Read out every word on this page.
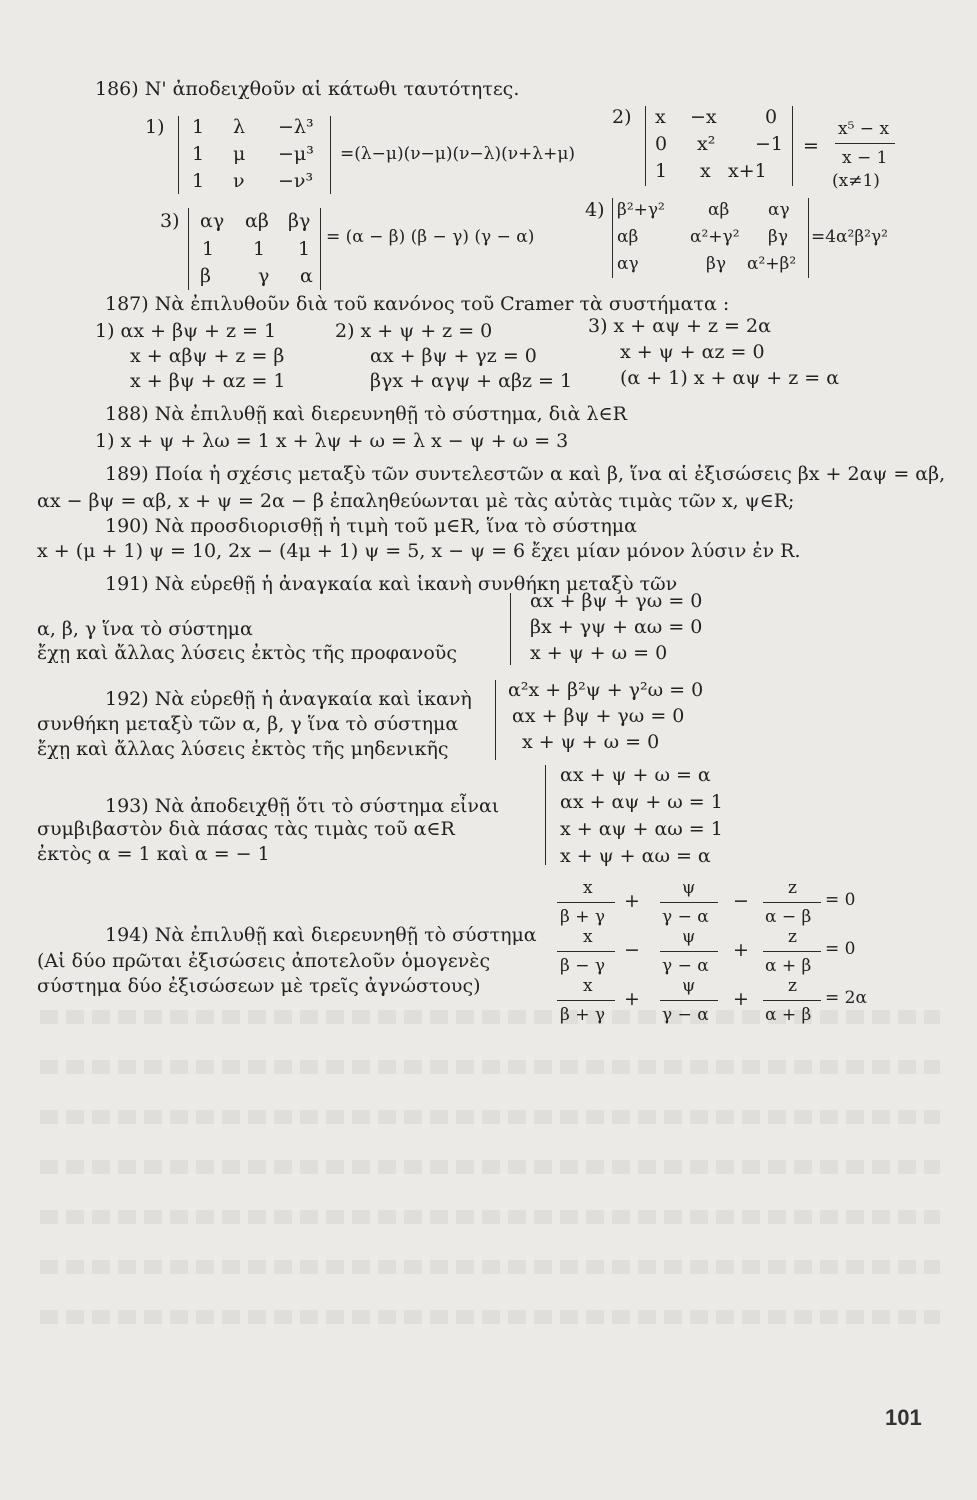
186) Ν' ἀποδειχθοῦν αἱ κάτωθι ταυτότητες.
1) 1 λ −λ³
1 μ −μ³
1 ν −ν³
=(λ−μ)(ν−μ)(ν−λ)(ν+λ+μ)
2) x −x	0
0 x² −1
1 x x+1
=
x⁵ − x
x − 1
(x≠1)
3) αγ αβ βγ
1 1 1
β γ α
= (α − β) (β − γ) (γ − α)
4) β²+γ²	αβ αγ
αβ	α²+γ² βγ
αγ	βγ α²+β²
=4α²β²γ²
187) Νὰ ἐπιλυθοῦν διὰ τοῦ κανόνος τοῦ Cramer τὰ συστήματα :
1) αx + βψ + z = 1
x + αβψ + z = β
x + βψ + αz = 1
2) x + ψ + z = 0
αx + βψ + γz = 0
βγx + αγψ + αβz = 1
3) x + αψ + z = 2α
x + ψ + αz = 0
(α + 1) x + αψ + z = α
188) Νὰ ἐπιλυθῇ καὶ διερευνηθῇ τὸ σύστημα, διὰ λ∈R
1) x + ψ + λω = 1 x + λψ + ω = λ x − ψ + ω = 3
189) Ποία ἡ σχέσις μεταξὺ τῶν συντελεστῶν α καὶ β, ἵνα αἱ ἐξισώσεις βx + 2αψ = αβ,
αx − βψ = αβ, x + ψ = 2α − β ἐπαληθεύωνται μὲ τὰς αὐτὰς τιμὰς τῶν x, ψ∈R;
190) Νὰ προσδιορισθῇ ἡ τιμὴ τοῦ μ∈R, ἵνα τὸ σύστημα
x + (μ + 1) ψ = 10, 2x − (4μ + 1) ψ = 5, x − ψ = 6 ἔχει μίαν μόνον λύσιν ἐν R.
191) Νὰ εὑρεθῇ ἡ ἀναγκαία καὶ ἱκανὴ συνθήκη μεταξὺ τῶν
α, β, γ ἵνα τὸ σύστημα
ἔχῃ καὶ ἄλλας λύσεις ἐκτὸς τῆς προφανοῦς
αx + βψ + γω = 0
βx + γψ + αω = 0
x + ψ + ω = 0
192) Νὰ εὑρεθῇ ἡ ἀναγκαία καὶ ἱκανὴ
συνθήκη μεταξὺ τῶν α, β, γ ἵνα τὸ σύστημα
ἔχῃ καὶ ἄλλας λύσεις ἐκτὸς τῆς μηδενικῆς
α²x + β²ψ + γ²ω = 0
αx + βψ + γω = 0
x + ψ + ω = 0
193) Νὰ ἀποδειχθῇ ὅτι τὸ σύστημα εἶναι
συμβιβαστὸν διὰ πάσας τὰς τιμὰς τοῦ α∈R
ἐκτὸς α = 1 καὶ α = − 1
αx + ψ + ω = α
αx + αψ + ω = 1
x + αψ + αω = 1
x + ψ + αω = α
194) Νὰ ἐπιλυθῇ καὶ διερευνηθῇ τὸ σύστημα
(Αἱ δύο πρῶται ἐξισώσεις ἀποτελοῦν ὁμογενὲς
σύστημα δύο ἐξισώσεων μὲ τρεῖς ἀγνώστους)
x
β + γ
+
ψ
γ − α
−
z
α − β
= 0
x
β − γ
−
ψ
γ − α
+
z
α + β
= 0
x
β + γ
+
ψ
γ − α
+
z
α + β
= 2α
101
